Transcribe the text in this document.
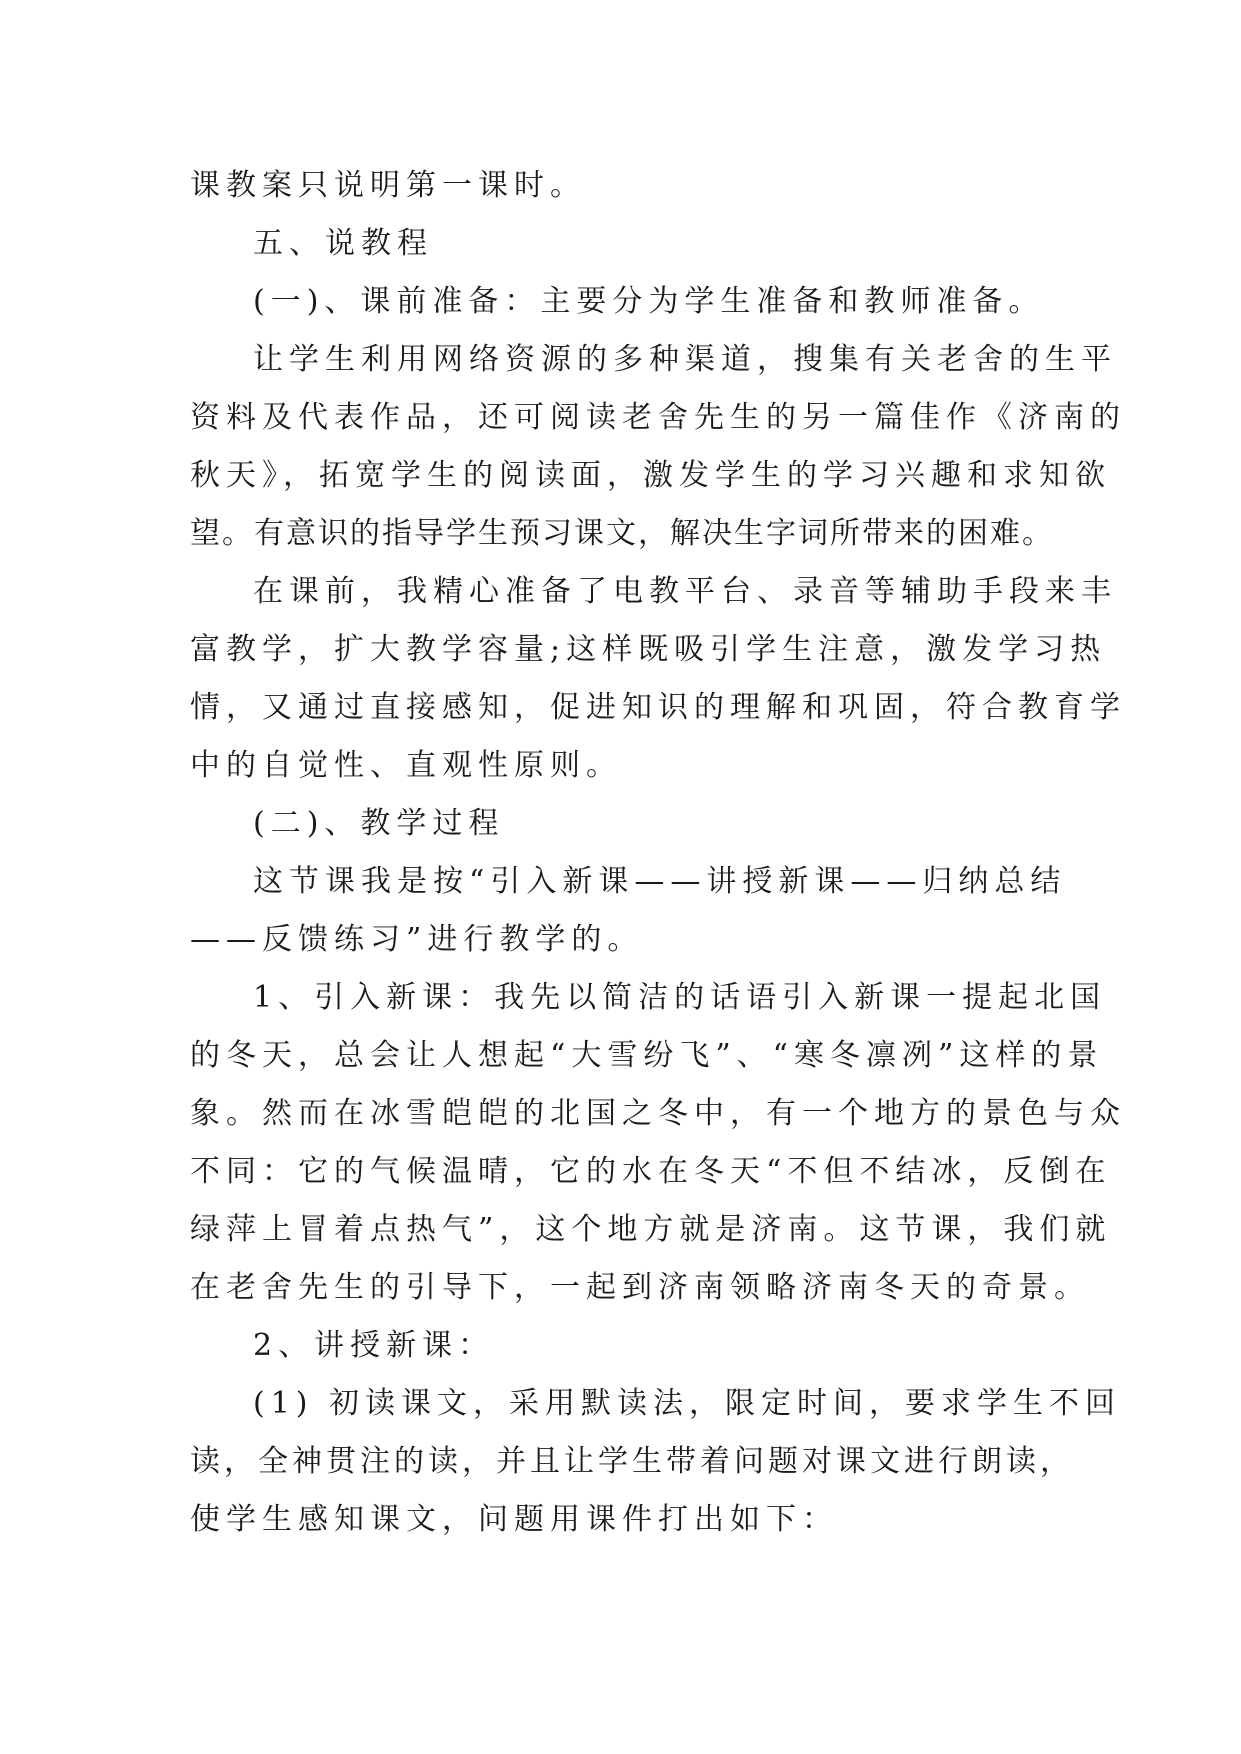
课教案只说明第一课时。
五、说教程
(一)、课前准备：主要分为学生准备和教师准备。
让学生利用网络资源的多种渠道，搜集有关老舍的生平
资料及代表作品，还可阅读老舍先生的另一篇佳作《济南的
秋天》，拓宽学生的阅读面，激发学生的学习兴趣和求知欲
望。有意识的指导学生预习课文，解决生字词所带来的困难。
在课前，我精心准备了电教平台、录音等辅助手段来丰
富教学，扩大教学容量;这样既吸引学生注意，激发学习热
情，又通过直接感知，促进知识的理解和巩固，符合教育学
中的自觉性、直观性原则。
(二)、教学过程
这节课我是按“引入新课——讲授新课——归纳总结
——反馈练习”进行教学的。
1、引入新课：我先以简洁的话语引入新课一提起北国
的冬天，总会让人想起“大雪纷飞”、“寒冬凛冽”这样的景
象。然而在冰雪皑皑的北国之冬中，有一个地方的景色与众
不同：它的气候温晴，它的水在冬天“不但不结冰，反倒在
绿萍上冒着点热气”，这个地方就是济南。这节课，我们就
在老舍先生的引导下，一起到济南领略济南冬天的奇景。
2、讲授新课：
(1) 初读课文，采用默读法，限定时间，要求学生不回
读，全神贯注的读，并且让学生带着问题对课文进行朗读，
使学生感知课文，问题用课件打出如下：
